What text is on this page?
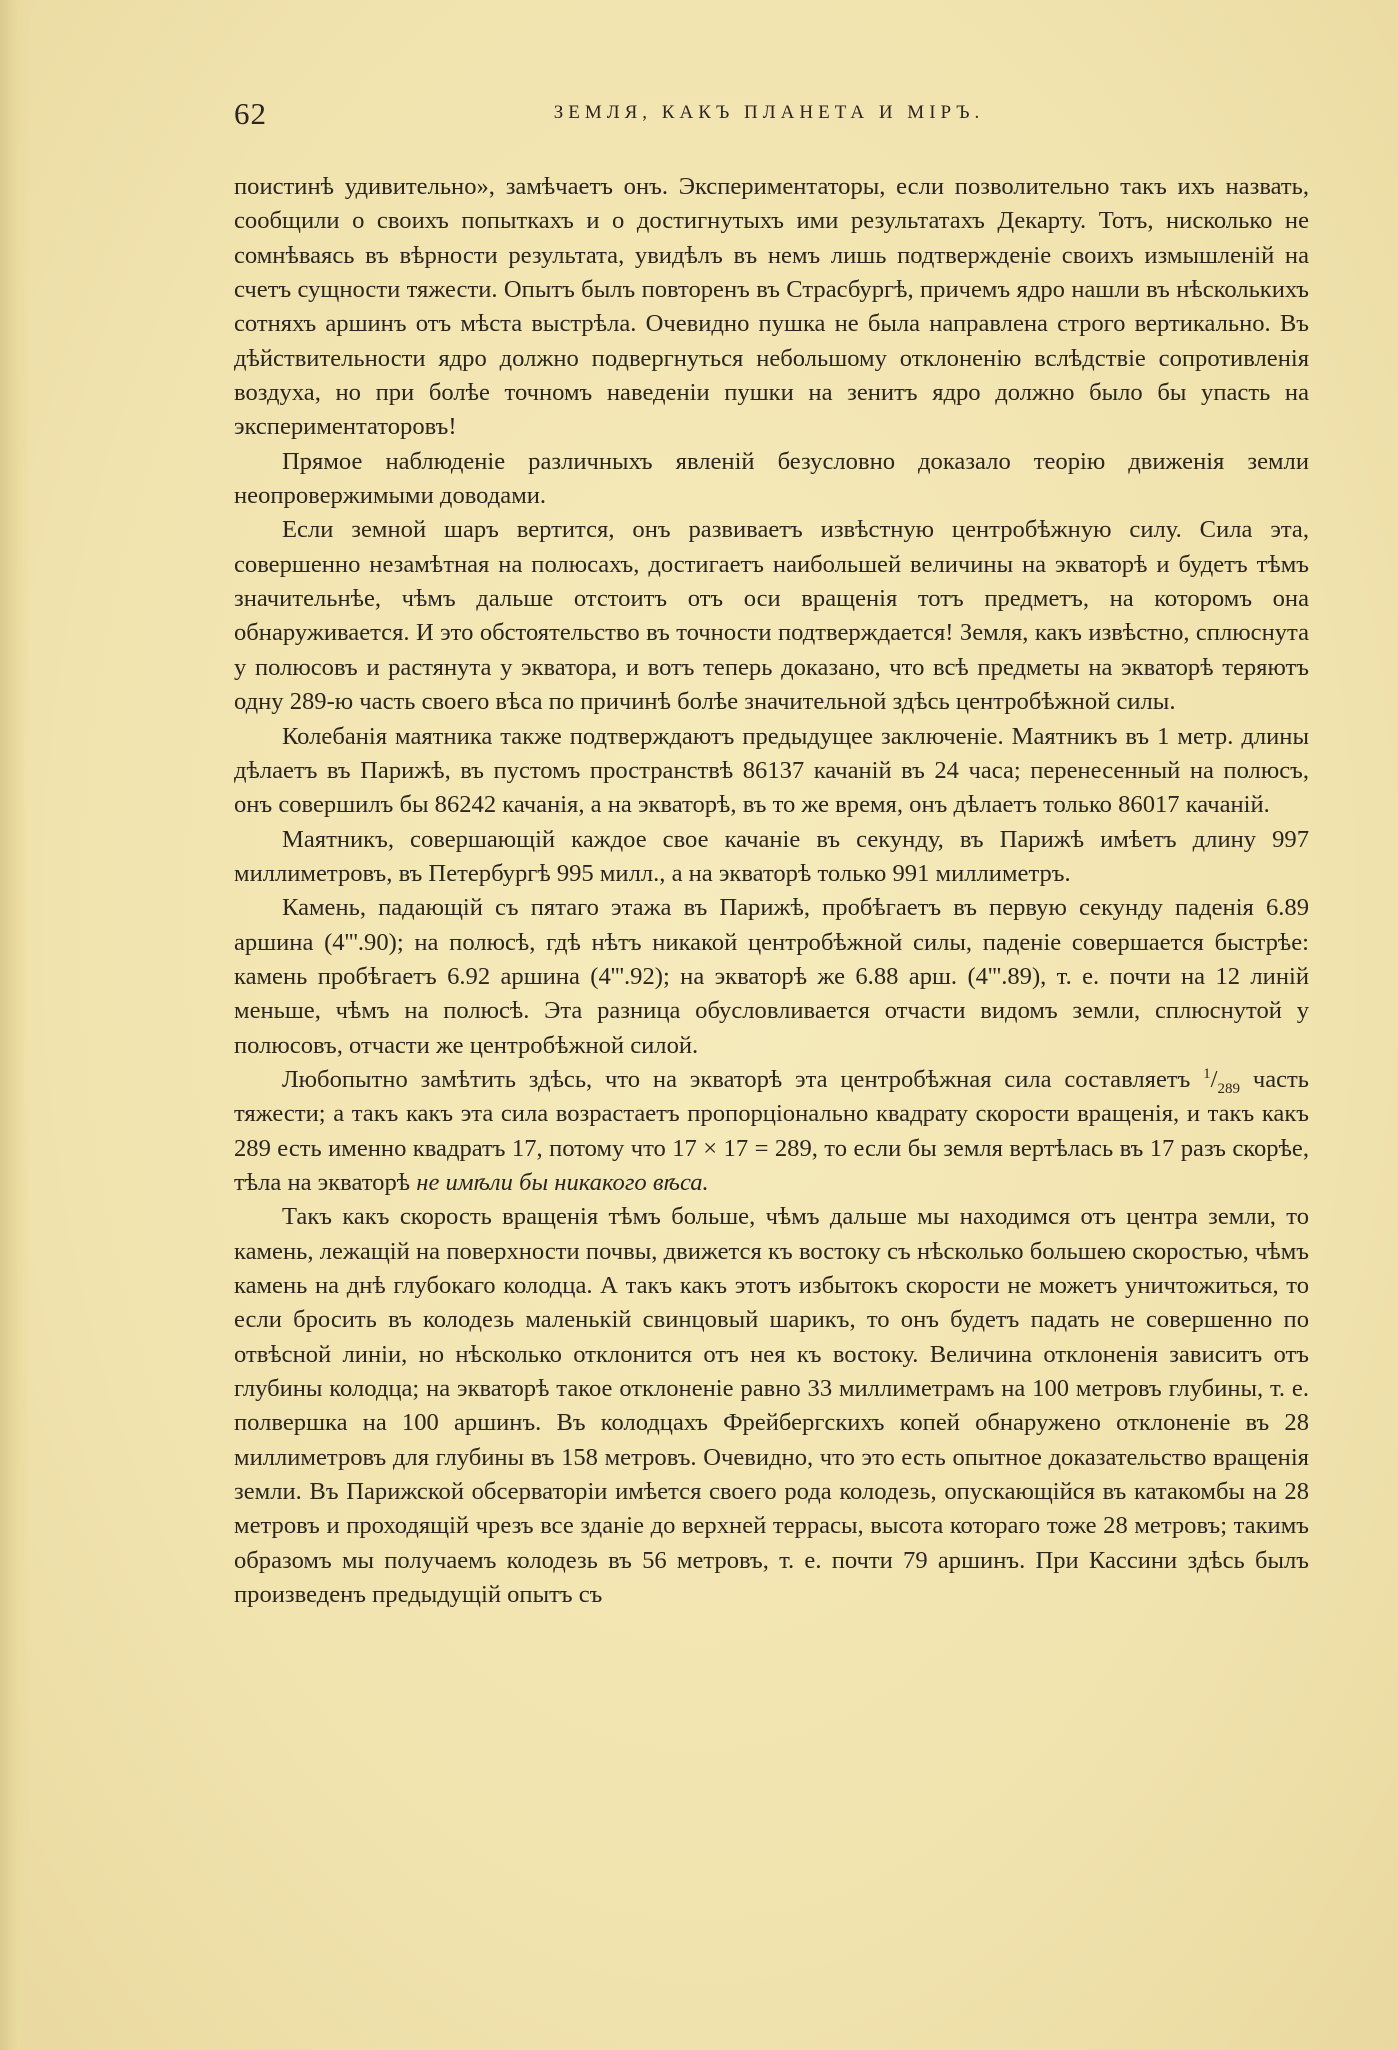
62	ЗЕМЛЯ, КАКЪ ПЛАНЕТА И МІРЪ.

поистинѣ удивительно», замѣчаетъ онъ. Экспериментаторы, если позволительно такъ ихъ назвать, сообщили о своихъ попыткахъ и о достигнутыхъ ими результатахъ Декарту. Тотъ, нисколько не сомнѣваясь въ вѣрности результата, увидѣлъ въ немъ лишь подтвержденіе своихъ измышленій на счетъ сущности тяжести. Опытъ былъ повторенъ въ Страсбургѣ, причемъ ядро нашли въ нѣсколькихъ сотняхъ аршинъ отъ мѣста выстрѣла. Очевидно пушка не была направлена строго вертикально. Въ дѣйствительности ядро должно подвергнуться небольшому отклоненію вслѣдствіе сопротивленія воздуха, но при болѣе точномъ наведеніи пушки на зенитъ ядро должно было бы упасть на экспериментаторовъ!

Прямое наблюденіе различныхъ явленій безусловно доказало теорію движенія земли неопровержимыми доводами.

Если земной шаръ вертится, онъ развиваетъ извѣстную центробѣжную силу. Сила эта, совершенно незамѣтная на полюсахъ, достигаетъ наибольшей величины на экваторѣ и будетъ тѣмъ значительнѣе, чѣмъ дальше отстоитъ отъ оси вращенія тотъ предметъ, на которомъ она обнаруживается. И это обстоятельство въ точности подтверждается! Земля, какъ извѣстно, сплюснута у полюсовъ и растянута у экватора, и вотъ теперь доказано, что всѣ предметы на экваторѣ теряютъ одну 289-ю часть своего вѣса по причинѣ болѣе значительной здѣсь центробѣжной силы.

Колебанія маятника также подтверждаютъ предыдущее заключеніе. Маятникъ въ 1 метр. длины дѣлаетъ въ Парижѣ, въ пустомъ пространствѣ 86137 качаній въ 24 часа; перенесенный на полюсъ, онъ совершилъ бы 86242 качанія, а на экваторѣ, въ то же время, онъ дѣлаетъ только 86017 качаній.

Маятникъ, совершающій каждое свое качаніе въ секунду, въ Парижѣ имѣетъ длину 997 миллиметровъ, въ Петербургѣ 995 милл., а на экваторѣ только 991 миллиметръ.

Камень, падающій съ пятаго этажа въ Парижѣ, пробѣгаетъ въ первую секунду паденія 6.89 аршина (4'''.90); на полюсѣ, гдѣ нѣтъ никакой центробѣжной силы, паденіе совершается быстрѣе: камень пробѣгаетъ 6.92 аршина (4'''.92); на экваторѣ же 6.88 арш. (4'''.89), т. е. почти на 12 линій меньше, чѣмъ на полюсѣ. Эта разница обусловливается отчасти видомъ земли, сплюснутой у полюсовъ, отчасти же центробѣжной силой.

Любопытно замѣтить здѣсь, что на экваторѣ эта центробѣжная сила составляетъ $^1/_{289}$ часть тяжести; а такъ какъ эта сила возрастаетъ пропорціонально квадрату скорости вращенія, и такъ какъ 289 есть именно квадратъ 17, потому что 17 × 17 = 289, то если бы земля вертѣлась въ 17 разъ скорѣе, тѣла на экваторѣ не имѣли бы никакого вѣса.

Такъ какъ скорость вращенія тѣмъ больше, чѣмъ дальше мы находимся отъ центра земли, то камень, лежащій на поверхности почвы, движется къ востоку съ нѣсколько большею скоростью, чѣмъ камень на днѣ глубокаго колодца. А такъ какъ этотъ избытокъ скорости не можетъ уничтожиться, то если бросить въ колодезь маленькій свинцовый шарикъ, то онъ будетъ падать не совершенно по отвѣсной линіи, но нѣсколько отклонится отъ нея къ востоку. Величина отклоненія зависитъ отъ глубины колодца; на экваторѣ такое отклоненіе равно 33 миллиметрамъ на 100 метровъ глубины, т. е. полвершка на 100 аршинъ. Въ колодцахъ Фрейбергскихъ копей обнаружено отклоненіе въ 28 миллиметровъ для глубины въ 158 метровъ. Очевидно, что это есть опытное доказательство вращенія земли. Въ Парижской обсерваторіи имѣется своего рода колодезь, опускающійся въ катакомбы на 28 метровъ и проходящій чрезъ все зданіе до верхней террасы, высота котораго тоже 28 метровъ; такимъ образомъ мы получаемъ колодезь въ 56 метровъ, т. е. почти 79 аршинъ. При Кассини здѣсь былъ произведенъ предыдущій опытъ съ
